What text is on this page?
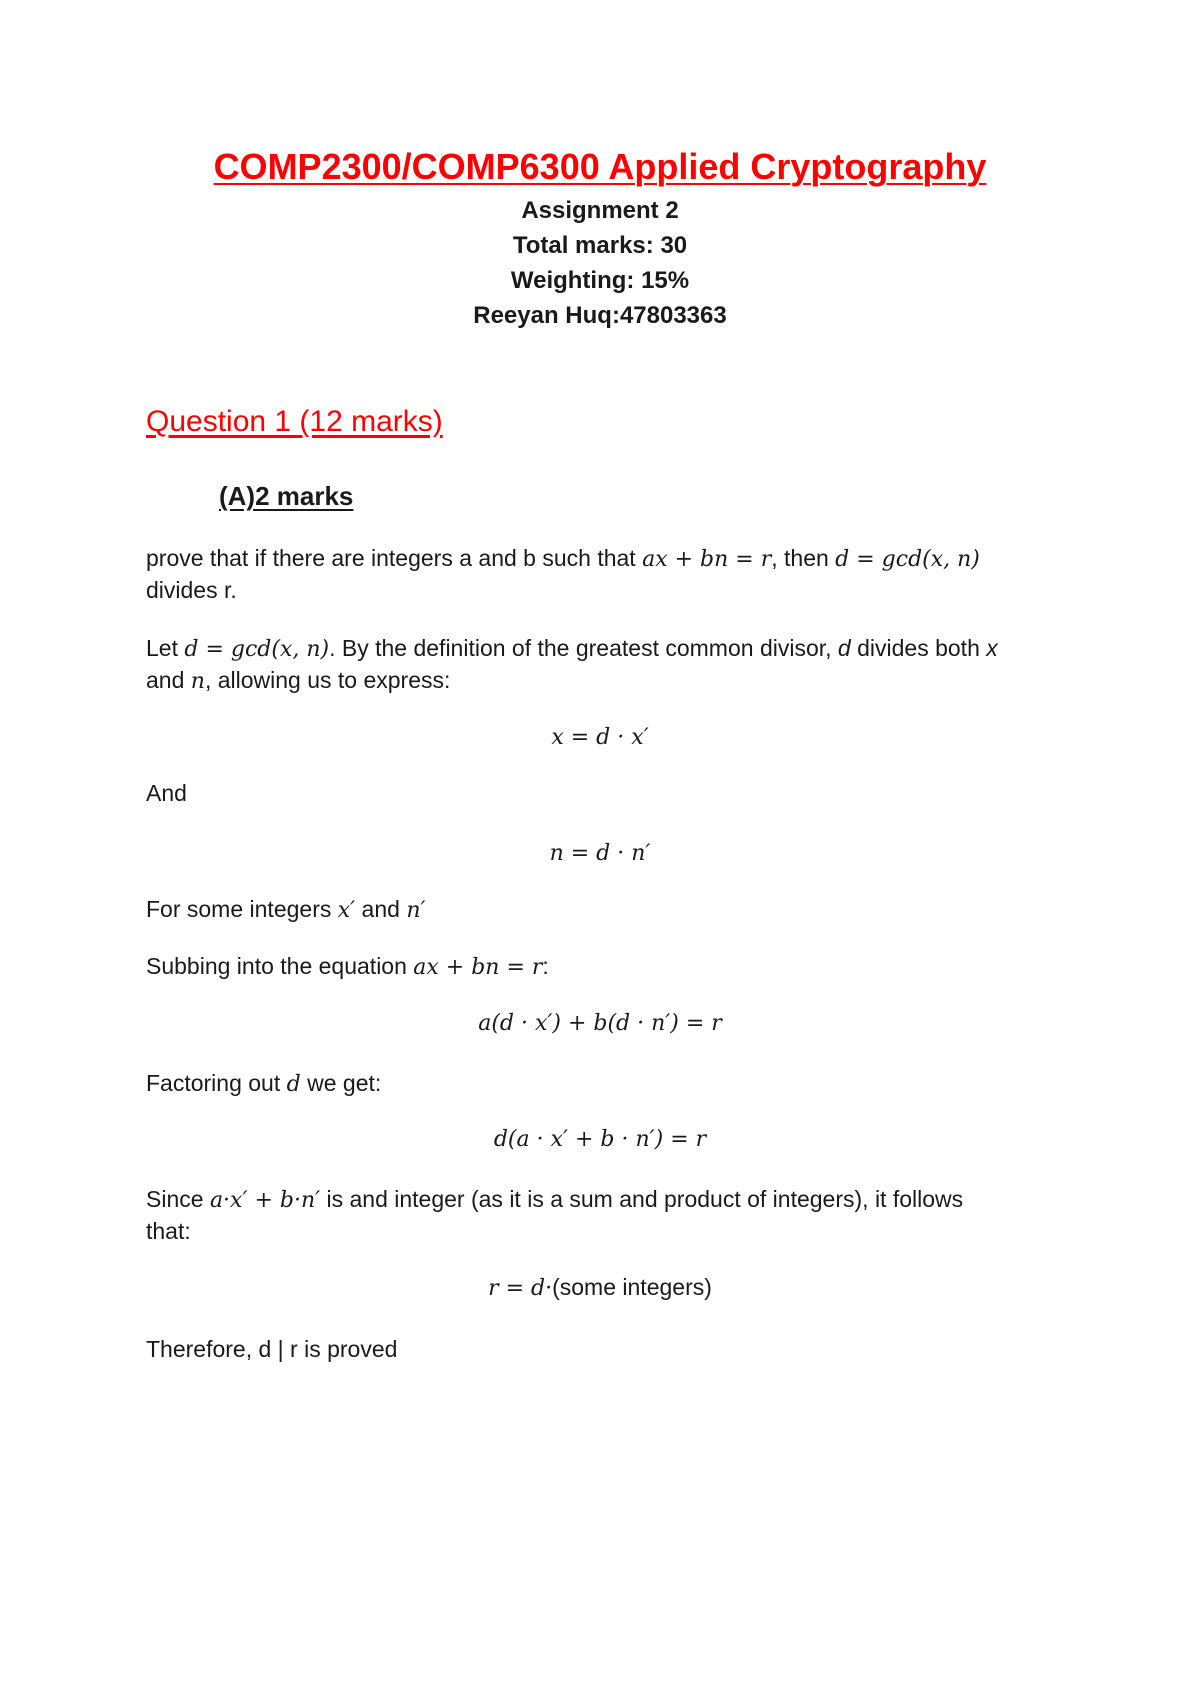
COMP2300/COMP6300 Applied Cryptography
Assignment 2
Total marks: 30
Weighting: 15%
Reeyan Huq:47803363
Question 1 (12 marks)
(A)2 marks
prove that if there are integers a and b such that ax + bn = r, then d = gcd(x, n)
divides r.
Let d = gcd(x, n). By the definition of the greatest common divisor, d divides both x
and n, allowing us to express:
x = d · x′
And
n = d · n′
For some integers x′ and n′
Subbing into the equation ax + bn = r:
a(d · x′) + b(d · n′) = r
Factoring out d we get:
d(a · x′ + b · n′) = r
Since a·x′ + b·n′ is and integer (as it is a sum and product of integers), it follows
that:
r = d·(some integers)
Therefore, d | r is proved
